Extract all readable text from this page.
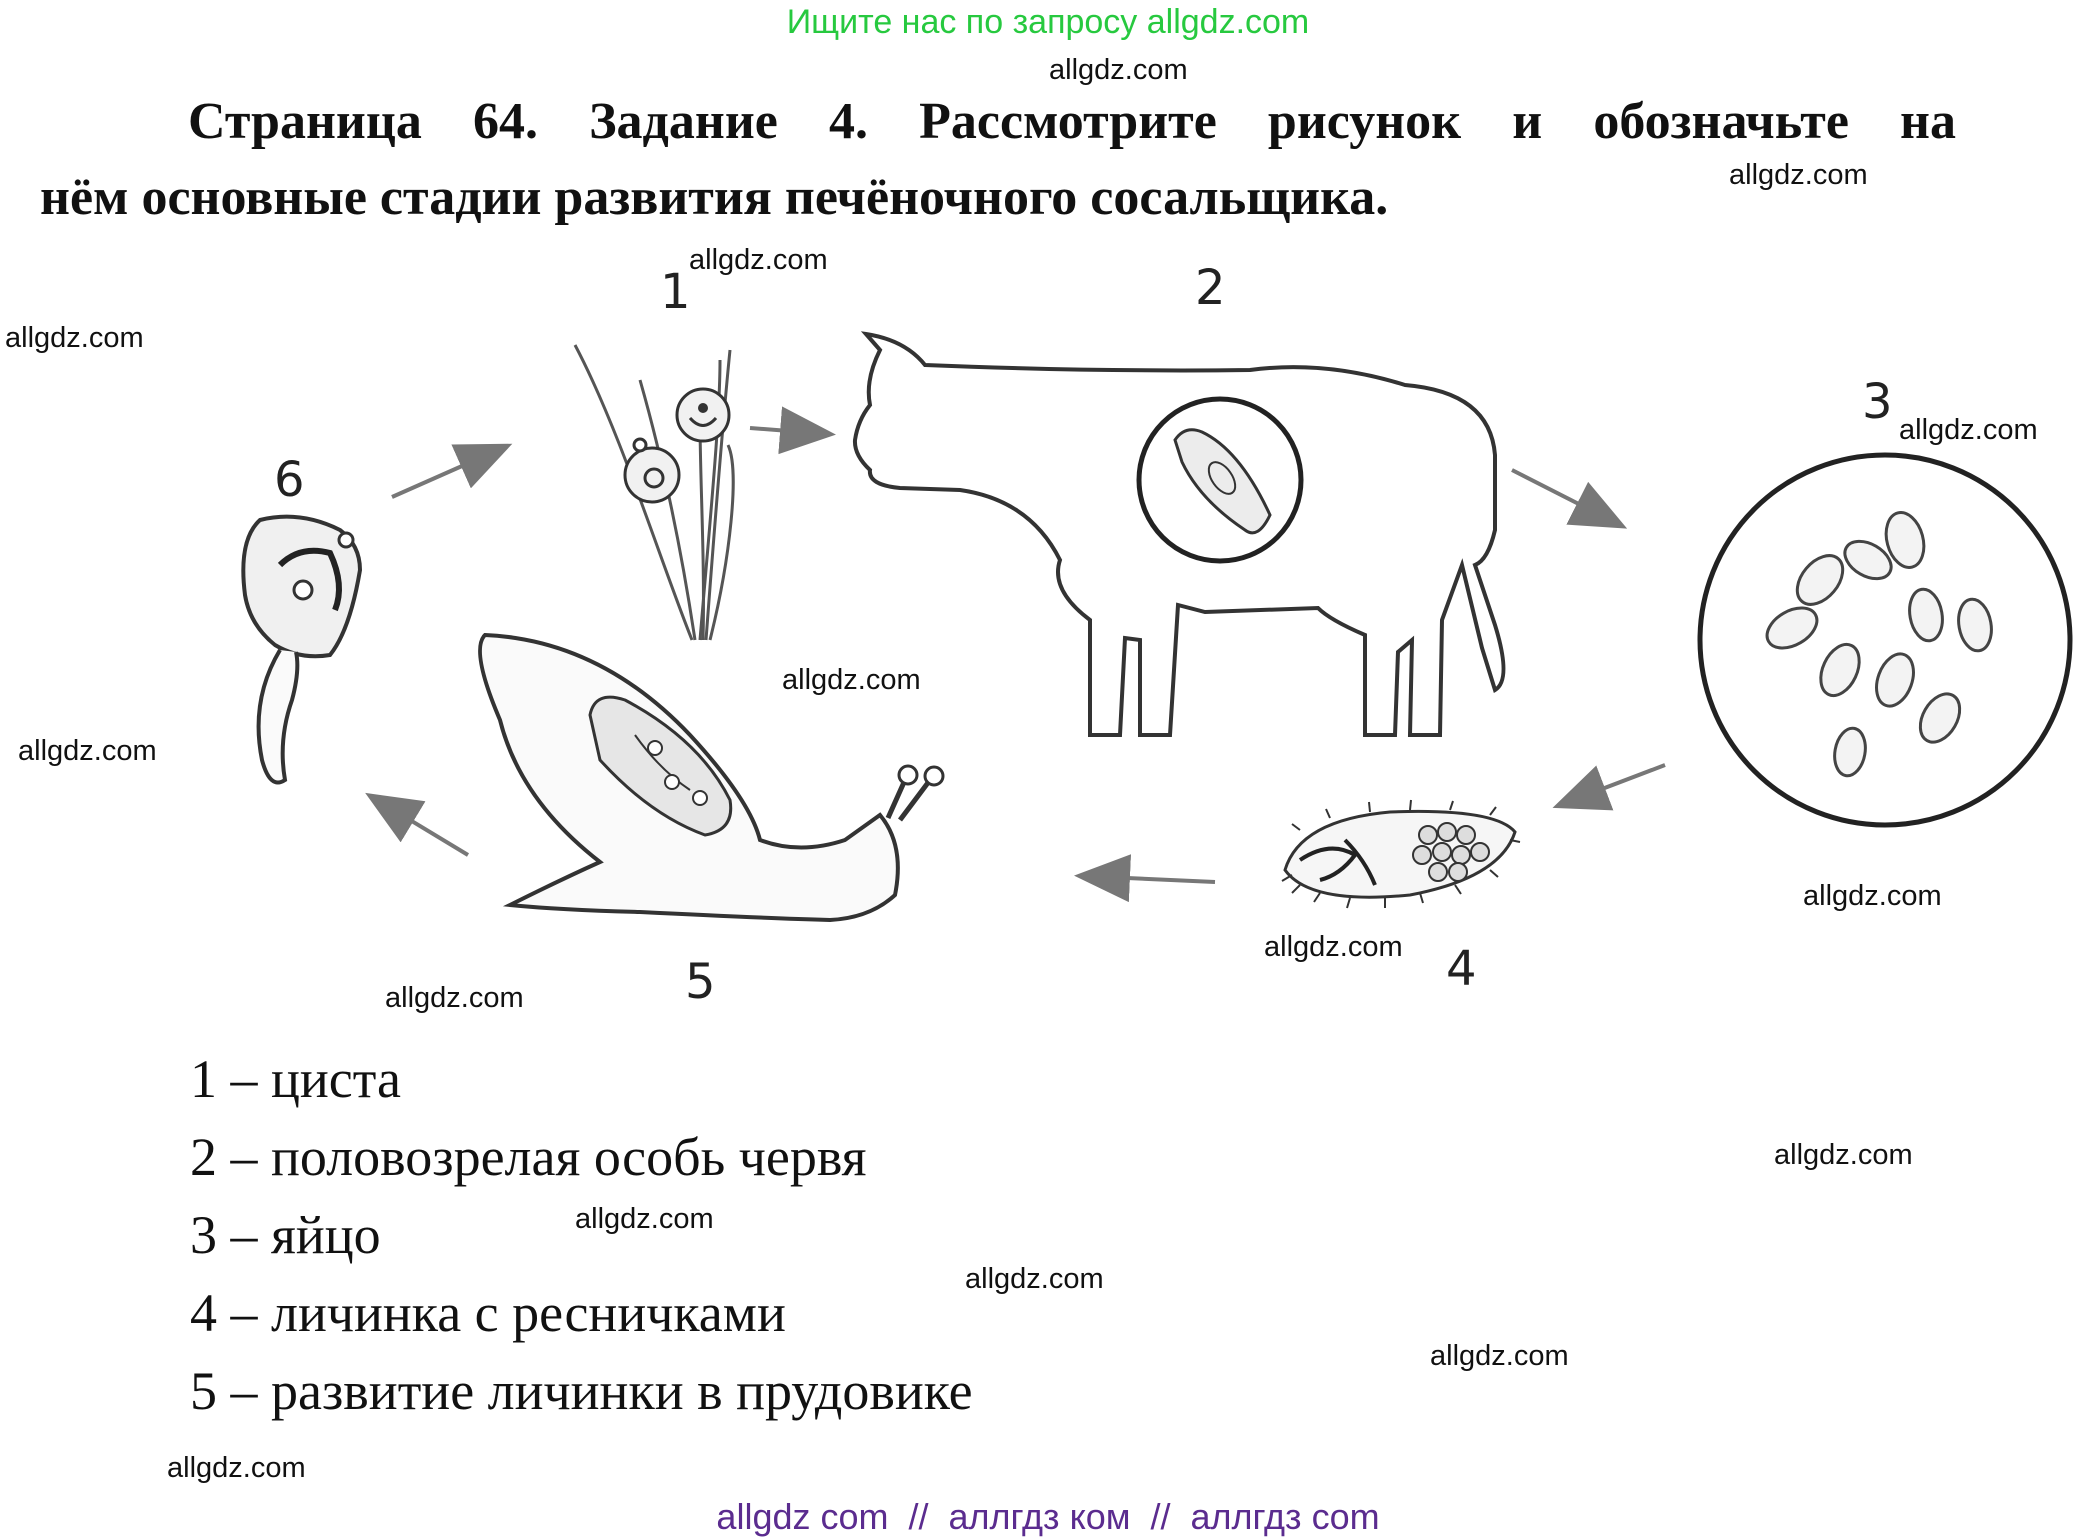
Ищите нас по запросу allgdz.com
allgdz.com
allgdz.com
allgdz.com
allgdz.com
allgdz.com
allgdz.com
allgdz.com
allgdz.com
allgdz.com
allgdz.com
allgdz.com
allgdz.com
allgdz.com
allgdz.com
allgdz.com
Страница 64. Задание 4. Рассмотрите рисунок и обозначьте на
нём основные стадии развития печёночного сосальщика.
1	2
3
4
5
6
1 – циста
2 – половозрелая особь червя
3 – яйцо
4 – личинка с ресничками
5 – развитие личинки в прудовике
allgdz com  //  аллгдз ком  //  аллгдз com
